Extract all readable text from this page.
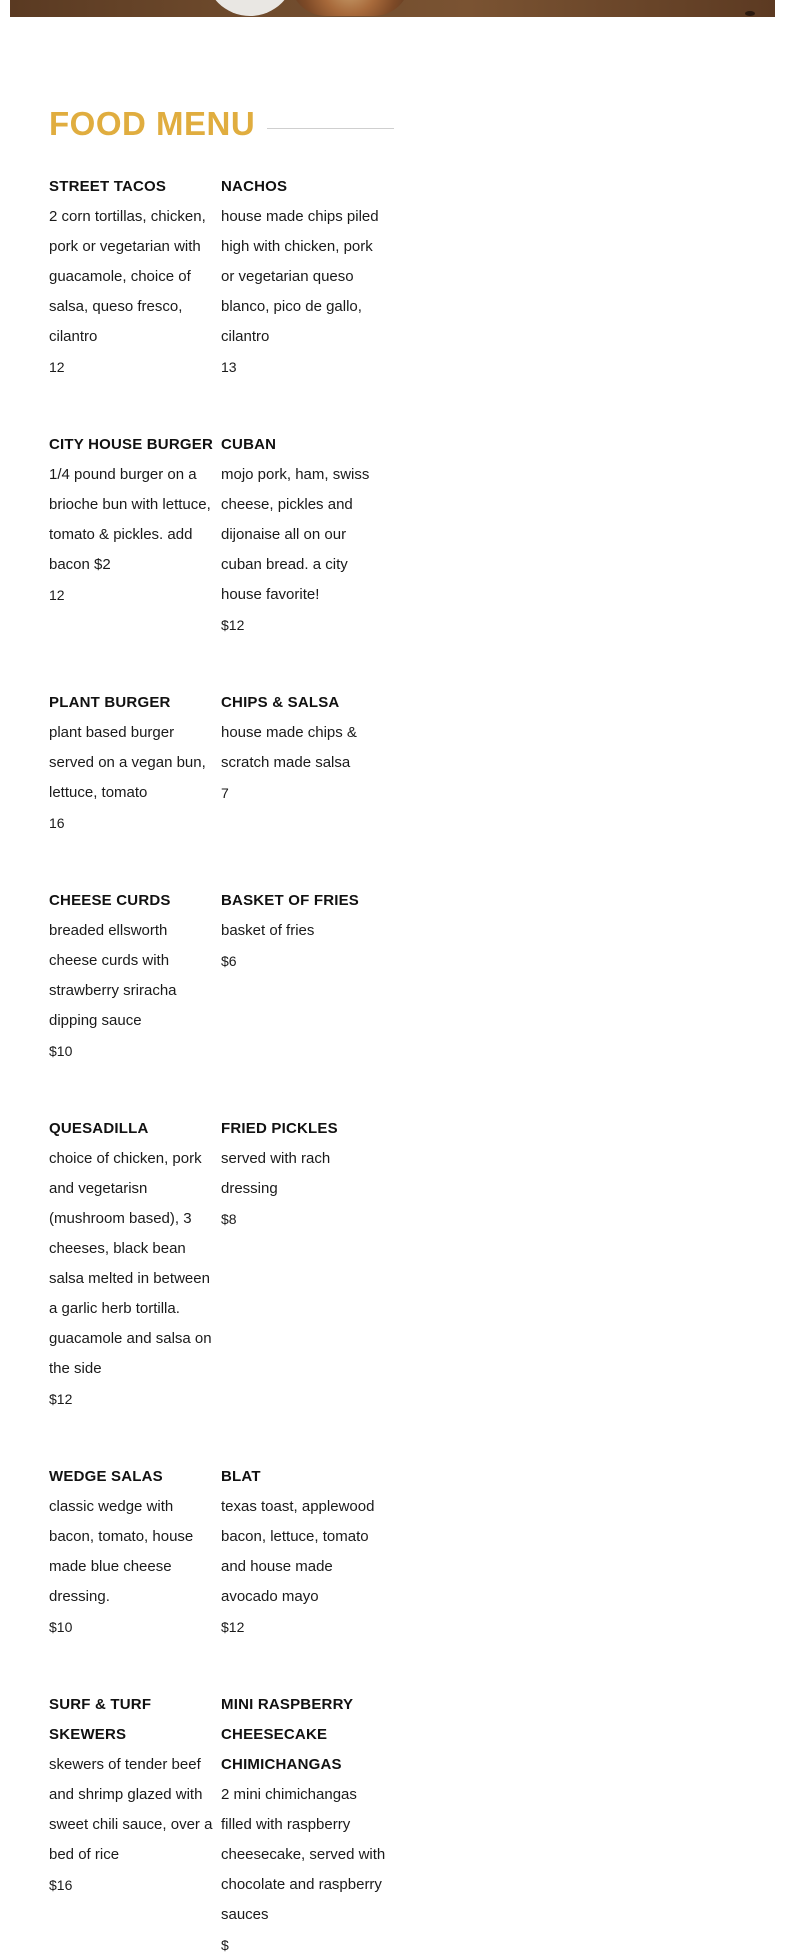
FOOD MENU
STREET TACOS
2 corn tortillas, chicken, pork or vegetarian with guacamole, choice of salsa, queso fresco, cilantro
12
NACHOS
house made chips piled high with chicken, pork or vegetarian queso blanco, pico de gallo, cilantro
13
CITY HOUSE BURGER
1/4 pound burger on a brioche bun with lettuce, tomato & pickles. add bacon $2
12
CUBAN
mojo pork, ham, swiss cheese, pickles and dijonaise all on our cuban bread. a city house favorite!
$12
PLANT BURGER
plant based burger served on a vegan bun, lettuce, tomato
16
CHIPS & SALSA
house made chips & scratch made salsa
7
CHEESE CURDS
breaded ellsworth cheese curds with strawberry sriracha dipping sauce
$10
BASKET OF FRIES
basket of fries
$6
QUESADILLA
choice of chicken, pork and vegetarisn (mushroom based), 3 cheeses, black bean salsa melted in between a garlic herb tortilla. guacamole and salsa on the side
$12
FRIED PICKLES
served with rach dressing
$8
WEDGE SALAS
classic wedge with bacon, tomato, house made blue cheese dressing.
$10
BLAT
texas toast, applewood bacon, lettuce, tomato and house made avocado mayo
$12
SURF & TURF SKEWERS
skewers of tender beef and shrimp glazed with sweet chili sauce, over a bed of rice
$16
MINI RASPBERRY CHEESECAKE CHIMICHANGAS
2 mini chimichangas filled with raspberry cheesecake, served with chocolate and raspberry sauces
$
